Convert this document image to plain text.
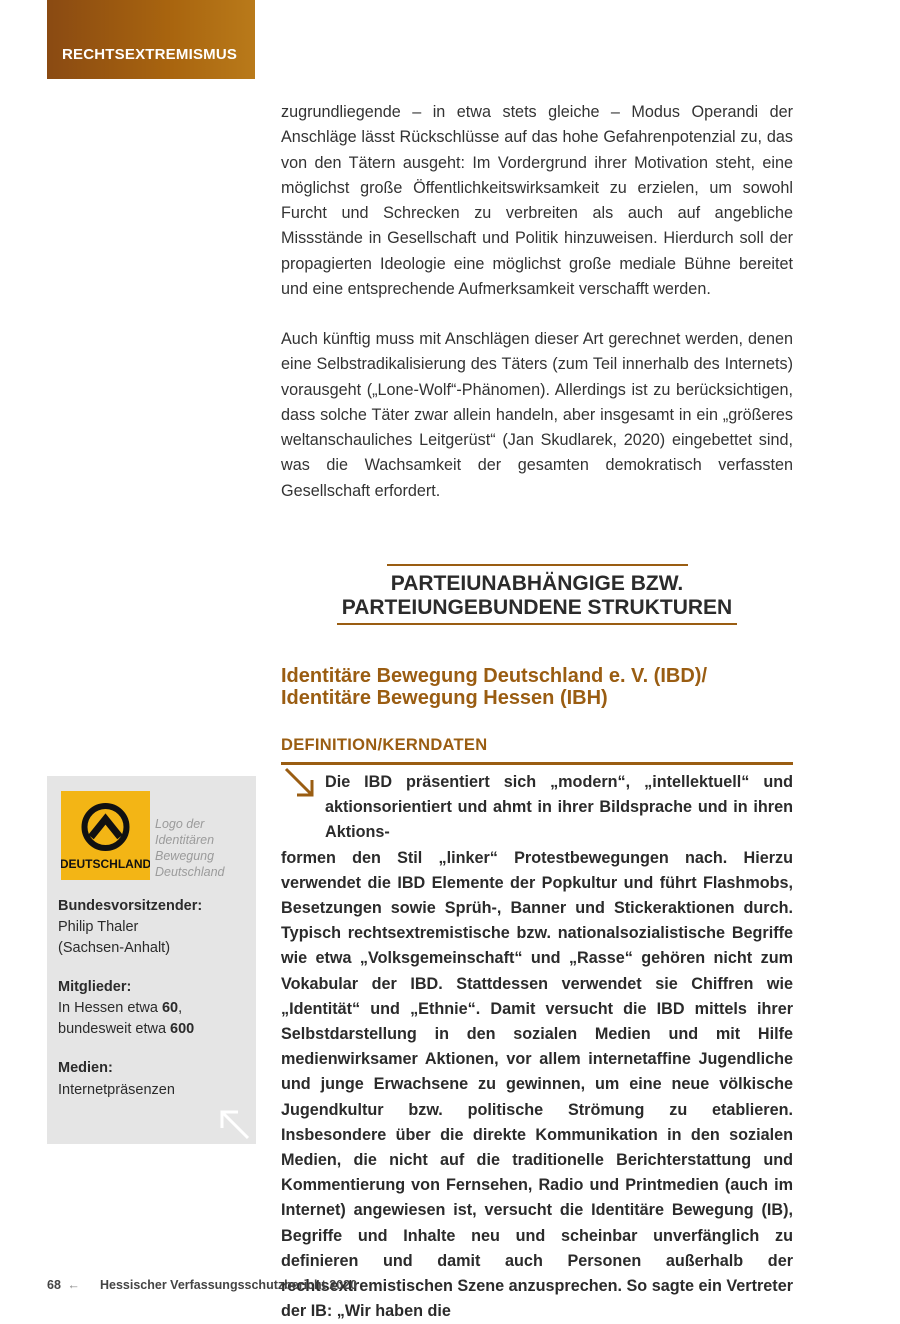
RECHTSEXTREMISMUS

zugrundliegende – in etwa stets gleiche – Modus Operandi der Anschläge lässt Rückschlüsse auf das hohe Gefahrenpotenzial zu, das von den Tätern ausgeht: Im Vordergrund ihrer Motivation steht, eine möglichst große Öffentlichkeitswirksamkeit zu erzielen, um sowohl Furcht und Schrecken zu verbreiten als auch auf angebliche Missstände in Gesellschaft und Politik hinzuweisen. Hierdurch soll der propagierten Ideologie eine möglichst große mediale Bühne bereitet und eine entsprechende Aufmerksamkeit verschafft werden.

Auch künftig muss mit Anschlägen dieser Art gerechnet werden, denen eine Selbstradikalisierung des Täters (zum Teil innerhalb des Internets) vorausgeht („Lone-Wolf“-Phänomen). Allerdings ist zu berücksichtigen, dass solche Täter zwar allein handeln, aber insgesamt in ein „größeres weltanschauliches Leitgerüst“ (Jan Skudlarek, 2020) eingebettet sind, was die Wachsamkeit der gesamten demokratisch verfassten Gesellschaft erfordert.

PARTEIUNABHÄNGIGE BZW.
PARTEIUNGEBUNDENE STRUKTUREN
Identitäre Bewegung Deutschland e. V. (IBD)/
Identitäre Bewegung Hessen (IBH)
DEFINITION/KERNDATEN
Die IBD präsentiert sich „modern“, „intellektuell“ und aktionsorientiert und ahmt in ihrer Bildsprache und in ihren Aktions-
formen den Stil „linker“ Protestbewegungen nach. Hierzu verwendet die IBD Elemente der Popkultur und führt Flashmobs, Besetzungen sowie Sprüh-, Banner und Stickeraktionen durch. Typisch rechtsextremistische bzw. nationalsozialistische Begriffe wie etwa „Volksgemeinschaft“ und „Rasse“ gehören nicht zum Vokabular der IBD. Stattdessen verwendet sie Chiffren wie „Identität“ und „Ethnie“. Damit versucht die IBD mittels ihrer Selbstdarstellung in den sozialen Medien und mit Hilfe medienwirksamer Aktionen, vor allem internetaffine Jugendliche und junge Erwachsene zu gewinnen, um eine neue völkische Jugendkultur bzw. politische Strömung zu etablieren. Insbesondere über die direkte Kommunikation in den sozialen Medien, die nicht auf die traditionelle Berichterstattung und Kommentierung von Fernsehen, Radio und Printmedien (auch im Internet) angewiesen ist, versucht die Identitäre Bewegung (IB), Begriffe und Inhalte neu und scheinbar unverfänglich zu definieren und damit auch Personen außerhalb der rechtsextremistischen Szene anzusprechen. So sagte ein Vertreter der IB: „Wir haben die
DEUTSCHLAND

Logo der Identitären Bewegung Deutschland

Bundesvorsitzender:
Philip Thaler
(Sachsen-Anhalt)
Mitglieder:
In Hessen etwa 60,
bundesweit etwa 600
Medien:
Internetpräsenzen
68 ← Hessischer Verfassungsschutzbericht 2020
